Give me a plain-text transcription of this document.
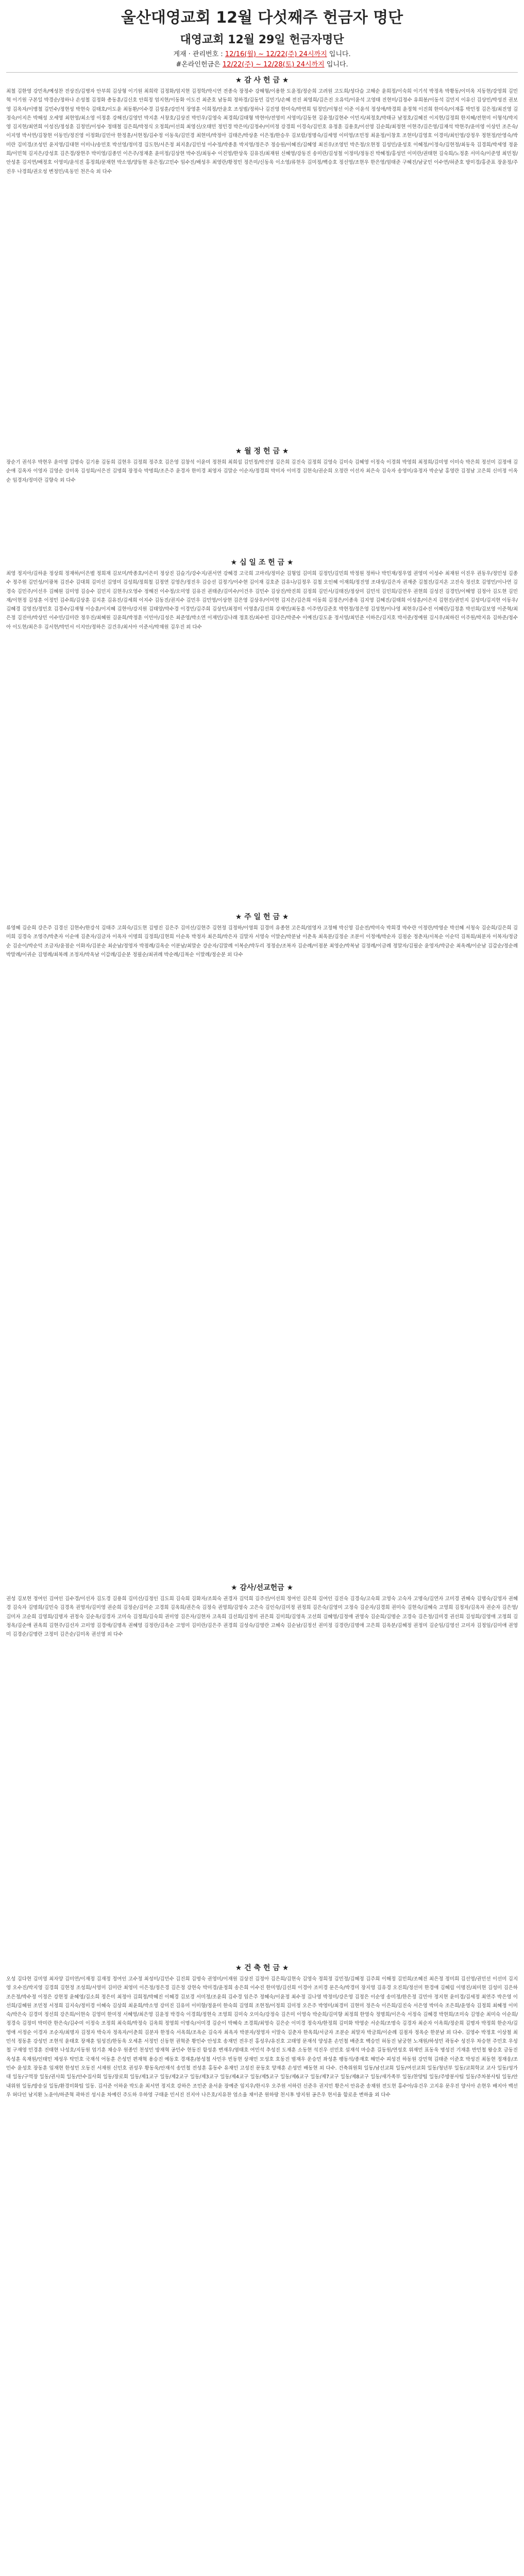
울산대영교회 12월 다섯째주 헌금자 명단
대영교회 12월 29일 헌금자명단
게재 · 관리번호 : 12/16(월) ~ 12/22(주) 24시까지 입니다.
#온라인헌금은 12/22(주) ~ 12/28(토) 24시까지 입니다.
★ 감 사 헌 금 ★
최철 김한영 강민옥/예성찬 전상진/김병자 안부희 김상형 이기원 최희락 김정화/엄지현 김정학/박시연 전종숙 장정수 강해형/이용한 도윤정/정순희 고려원 고도희/성다슬 고해순 윤희정/이숙희 이기석 박정옥 박황동/이미옥 지동현/강영희 김민혁 이기원 구본일 박경순/정하나 손성철 김정화 총동훈/김신호 안희정 엄지현/이동화 이도건 최준호 남동희 정하경/김동민 김민기/손혜 전진 최영희/김은진 오유덕/이윤석 고영태 진현미/김정수 유희봉/이동석 김민지 이유신 김상민/박성진 권보영 김옥자/이병철 김민수/정현성 박현숙 김태호/이도윤 최동환/이수경 김성훈/강민석 장영훈 이희정/안윤호 조성범/정하나 김진영 한미숙/박연희 임정민/이형선 이준 이윤석 정성애/박경희 윤정혁 이진희 한미숙/이재홍 박민정 김은정/최진영 김정숙/이지은 박해성 오세영 최현영/최소영 이정훈 강해진/김영민 박지훈 서창호/김상진 박민우/김영숙 최경희/김태형 박현아/전영미 서영미/김동현 김윤정/김현수 이민지/최정호/박태규 남정호/김혜진 이지현/김정희 한지혜/전현미 이형석/박지영 김지현/최연희 이성진/정성훈 김정민/이성수 정태철 김은희/박정식 오정희/이선희 최영신/오태민 정민경 박은미/김정수/이미정 강경희 이경숙/김민호 유정훈 김용호/이선영 김순희/최정현 이현주/김은영/김재석 박현주/윤미영 이상민 조은숙/이지영 박서연/김창현 이동민/정진영 이정화/김민아 한정훈/서현정/김수정 이동욱/김민경 최현미/박정아 김태은/박상훈 이은정/한승우 김보람/정명숙/김세영 이미영/조민정 최윤정/이창호 조현미/김영호 이경미/최인영/강정우 정현정/안영숙/박미란 김미경/조성민 윤지영/김대현 이미나/송민호 박선영/정미경 김도현/서은정 최지훈/김민성 이수정/박종훈 박지영/정은주 정승원/이혜진/김혜영 최진우/조영민 박은정/오현정 김성민/윤성호 이혜정/이정숙/김현정/최동욱 김경희/박세영 정윤희/이민혁 김지은/강성호 김은경/장현주 박미영/김종민 이은주/정재훈 윤미정/김상현 박수진/최동수 이진영/한상욱 김유진/최재원 신혜영/강동진 송미란/김성철 이정미/정동진 박혜정/홍성민 이미란/권태현 김숙희/노정훈 서미숙/이준영 최민정/안성훈 김지연/배정호 이영미/윤석진 홍정희/문재현 박소영/양동현 유은정/고민수 임수진/배성우 최영란/황정민 정은미/신동욱 이소영/류현우 김미정/백승호 정선영/조현우 한은영/엄태준 구혜진/남궁민 이수연/허준호 방미경/홍준표 장윤정/주진우 나경희/권오성 변정민/육동민 천은숙 외 다수
★ 월 정 헌 금 ★
장순기 권석우 박현우 윤미영 김명숙 김기용 김동희 김현우 김정희 정주호 김은영 김창석 이윤미 정찬희 최희섭 김민정/박진영 김은희 김진숙 김정희 김영숙 김미숙 김혜영 이정숙 이경희 박영희 최정희/김미영 이미숙 박은희 정선미 김정애 김순애 김옥자 이영자 김영순 강미옥 김성희/서은진 김명희 장정숙 박명희/조은주 윤경자 한미경 최영자 김말순 이순자/정경희 박미자 이미경 김현숙/권순희 오정란 이선자 최은숙 김숙자 송영미/유정자 박순남 홍영란 김정남 고은희 신미정 이옥순 임경자/정미란 김향숙 외 다수
★ 십 일 조 헌 금 ★
최영 정지아/김하윤 정상희 정재하/이은별 정희재 김보미/박종호/이은미 정상진 김슬기/강수지/권서연 강혜경 고국희 고마리/정미순 김형업 김미희 김정민/김민희 박정원 정하나 박민재/정우엽 권영미 이성수 최재원 이진우 권동우/정민성 김종수 정주원 김민성/이광복 김진수 김대희 김미선 김영미 김성희/정희철 김정연 김영은/정진우 김승선 김정기/이수현 김이재 김호준 김유나/김정우 김철 오인혜 이재희/정진영 조대성/김은자 권재준 김철진/김지온 고진숙 정선호 김영민/이나연 김경숙 김민주/이선우 김혜원 김미영 김승수 김민지 김현우/오영수 정해진 이수정/오미영 김유진 권태준/김미수/이건우 김민수 김상진/박진희 김정희 김민서/김태진/정상미 김민석 김민희/김연우 권현희 김성진 김경민/이해영 김정아 김도현 김민재/이현정 김성훈 이정민 김수희/김상훈 김지훈 김유진/김세희 이지수 김동진/권지수 김민우 김민영/이상현 김은영 김상우/이미현 김지은/김은희 이동희 김정은/이종욱 김지영 김혜진/김태희 이성훈/이은지 김현진/권민지 김성미/김지현 이동우/김혜경 김영진/정민호 김경수/김재형 이승훈/이지혜 김현아/강지원 김태양/박수경 이경민/김주희 김상민/최정미 이영훈/김선희 강재민/최동훈 이주연/김준호 박현정/정은영 김성현/이나영 최현우/김수진 이혜린/김정훈 박선희/김보영 이준혁/최은정 김진아/박상민 이수민/김미란 정우진/최혜원 김윤희/박정훈 이민아/김성은 최준영/박소연 이재민/김나래 정호진/최수빈 김다은/박준수 이예진/김도윤 정서영/최민준 이하은/김지호 박서준/정예원 김시우/최하린 이주원/박지유 김하준/정수아 이도현/최은우 김서현/박민서 이지안/정하은 김건우/최서아 이준서/박채원 김우진 외 다수
★ 주 일 헌 금 ★
류영혜 김순희 강은주 김경신 김현수/한강석 김태주 고희숙/김도현 김명진 김은주 김미선/김현주 김현정 김정하/이영희 김경미 유종현 고은희/엄영자 고정해 박신영 김순전/박미숙 박희경 박수란 이정란/박영순 박선혜 서청숙 김순희/김은희 김미희 김경숙 조영주/박춘자 이순애 김춘자/김금자 이옥자 이명희 김정희/김현희 이순옥 박정자 최은희/박은자 김말자 서영숙 이말순/박분남 이춘옥 최옥분/김정순 조분이 이정애/박순자 김점순 정춘자/서복순 이순덕 김복희/최분자 이복자/정금순 김순이/박순덕 조금자/윤점순 이화자/김분순 최순남/정영자 박점례/김옥순 이분남/최말순 강순자/김말례 이복순/박두리 정정순/조복자 김순례/이점분 최영순/박복남 김정례/이금례 정말자/김필순 윤영자/박금순 최옥례/이순남 김갑순/정순례 박말례/이귀순 김영례/최복례 조정자/박옥남 이갑례/김순분 정필순/최귀례 박순례/김복순 이말례/정순분 외 다수
★ 감사/선교헌금 ★
권성 김보현 정여인 김여인 김수경/이선자 김도경 김용희 김미선/김정인 김도희 김숙희 김화자/조희숙 권경자 김덕희 김주선/이선희 정여인 김은희 김여인 김진숙 김경숙/고숙희 고영숙 고숙자 고명숙/김연자 고미경 권혜숙 김명숙/김영자 권혜경 김숙자 김명희/김민숙 김경옥 권영자/김미영 권순희 김정순/김미순 고경희 김옥희/권은숙 김정숙 권영희/김영숙 고은숙 김인숙/김미정 권정희 김은숙/김영미 고정숙 김순자/김경희 권미숙 김현숙/김혜숙 고영희 김정자/김옥자 권순자 김은영/김미자 고순희 김영희/김명자 권정숙 김순옥/김경자 고미숙 김정희/김숙희 권미영 김은자/김현자 고옥희 김선희/김정미 권은희 김미희/김영옥 고선희 김혜영/김정애 권영숙 김순희/김명순 고경숙 김은정/김미경 권선희 김성희/김영애 고정희 김정옥/김순애 권옥희 김현주/김선자 고미영 김경애/김명옥 권혜영 김정란/김옥순 고영미 김미란/김은주 권경희 김성숙/김영란 고혜숙 김순남/김정선 권미정 김경란/김명애 고은희 김옥분/김혜정 권정미 김순임/김영선 고미자 김정임/김미애 권영미 김경순/김명란 고정미 김은순/김미옥 권선영 외 다수
★ 건 축 헌 금 ★
오성 김다현 김미영 최자양 김미연/이재정 김재정 정여인 고수정 최성미/김민수 김진희 김명숙 권영미/이재원 김상진 김정아 김은희/김현숙 김영숙 정희정 김민정/김혜정 김주희 이해정 김민희/조혜진 최은정 정미희 김선영/권민선 이선미 김지영 오수진/박지영 김경희 김현정 조성희/서영미 김미란 최영미 이은정/정은경 김은정 강현숙 박미경/윤정희 송은희 이수진 한미영/김선희 이경아 조미경 문은숙/박경미 장지영 김유경 오진희/정선미 한경애 김혜림 이명진/최미현 김성미 김은하 조은정/박수정 이정은 강현정 윤혜영/김소희 정은미 최정아 김희정/박혜진 이혜경 김보경 서미정/조윤희 김수경 임은주 정혜숙/이윤정 최수정 김나영 박정미/강은영 김정은 이순영 송미정/한은정 김민아 정지현 윤미경/김세정 최연주 박은영 이선희/김혜원 조민정 서정희 김지숙/정미경 이혜숙 김상희 최윤희/박소영 강미진 김유미 이미향/정윤미 한숙희 김영희 조현정/이정희 김미정 오은주 박영미/최경미 김현미 정은숙 이은희/김진숙 서은영 박미숙 조은희/윤영숙 김정희 최혜정 이미숙/박은숙 김경미 정선희 강은희/이현숙 김영미 한미정 서혜영/최은영 김윤정 박경숙 이경희/정현숙 조영희 김미숙 오미숙/강정숙 김은미 이영숙 박순희/김미향 최정희 한영숙 정명희/이은숙 서정숙 김혜경 박현희/조미숙 김영순 최미숙 이순희/정경숙 김정미 박미란 한은숙/김수미 이정숙 조정희 최숙희/박정숙 김옥희 정영희 이명숙/서미경 김순이 박혜숙 조경희/최영숙 김은순 이미경 정숙자/한정희 김미화 박영순 서순희/조명숙 김경자 최순자 이옥희/정순희 김명자 박정희 한순자/김영애 서정순 이경자 조순자/최명자 김정자 박숙자 정옥자/이춘희 김분자 한정숙 서옥희/조옥순 김숙자 최옥자 박분자/정영자 이말숙 김춘자 한옥희/서금자 조분순 최말자 박금희/이순례 김점자 정옥순 한분남 외 다수. 김영수 박정호 이상철 최민석 정동훈 강성민 조현석 윤태호 장재훈 임성진/한동욱 오세훈 서정민 신동현 권혁준 황민수 안성호 송재민 전우진 홍성우/유진호 고태영 문재석 양성훈 손민철 배준호 백승민 허동진 남궁현 노재원/하성민 곽동수 성진우 차승현 주민호 우성철 구재영 민경훈 진태현 나성호/지동원 엄기훈 채승우 원종민 천성민 방재혁 공민수 현동진 함성훈 변재우/염태호 여민석 추성진 도재훈 소동현 석진우 선민호 설재석 마승훈 길동원/연성호 위재민 표동욱 명성진 기재훈 반민철 왕승호 금동진 옥성훈 육재원/인태민 제성우 탁민호 국재석 어동훈 은성민 편재혁 용승진 예동호 경재훈/봉성철 사민우 빈동현 상재민 모성호 호동진 범재우 운승민 좌성훈 팽동석/종재호 해민수 피성진 하동원 강민혁 김태준 이준호 박성진 최동현 정재웅/조민수 윤성호 장동훈 임재현 한성민 오동진 서재원 신민호 권성우 황동욱/안재석 송민철 전성훈 홍동수 유재민 고성진 문동호 양재훈 손성민 배동현 외 다수. 건축위원회 일동/남선교회 일동/여선교회 일동/청년부 일동/교회학교 교사 일동/성가대 일동/구역장 일동/권사회 일동/안수집사회 일동/장로회 일동/제1교구 일동/제2교구 일동/제3교구 일동/제4교구 일동/제5교구 일동/제6교구 일동/제7교구 일동/제8교구 일동/새가족부 일동/찬양팀 일동/주방봉사팀 일동/주차봉사팀 일동/안내위원 일동/방송실 일동/환경미화팀 일동. 김서준 이하윤 박도윤 최서연 정지호 강하은 조민준 윤서윤 장예준 임지우/한시우 오주원 서하린 신준우 권지민 황은서 안유준 송채원 전도현 홍수아/유건우 고지유 문우진 양서아 손현우 배지아 백선우 허다인 남지환 노윤아/하준혁 곽하진 성시윤 차예린 주도하 우하영 구태윤 민서진 진지아 나은호/지유찬 엄소율 채이준 원하랑 천시후 방지원 공은우 현서율 함로운 변하율 외 다수
